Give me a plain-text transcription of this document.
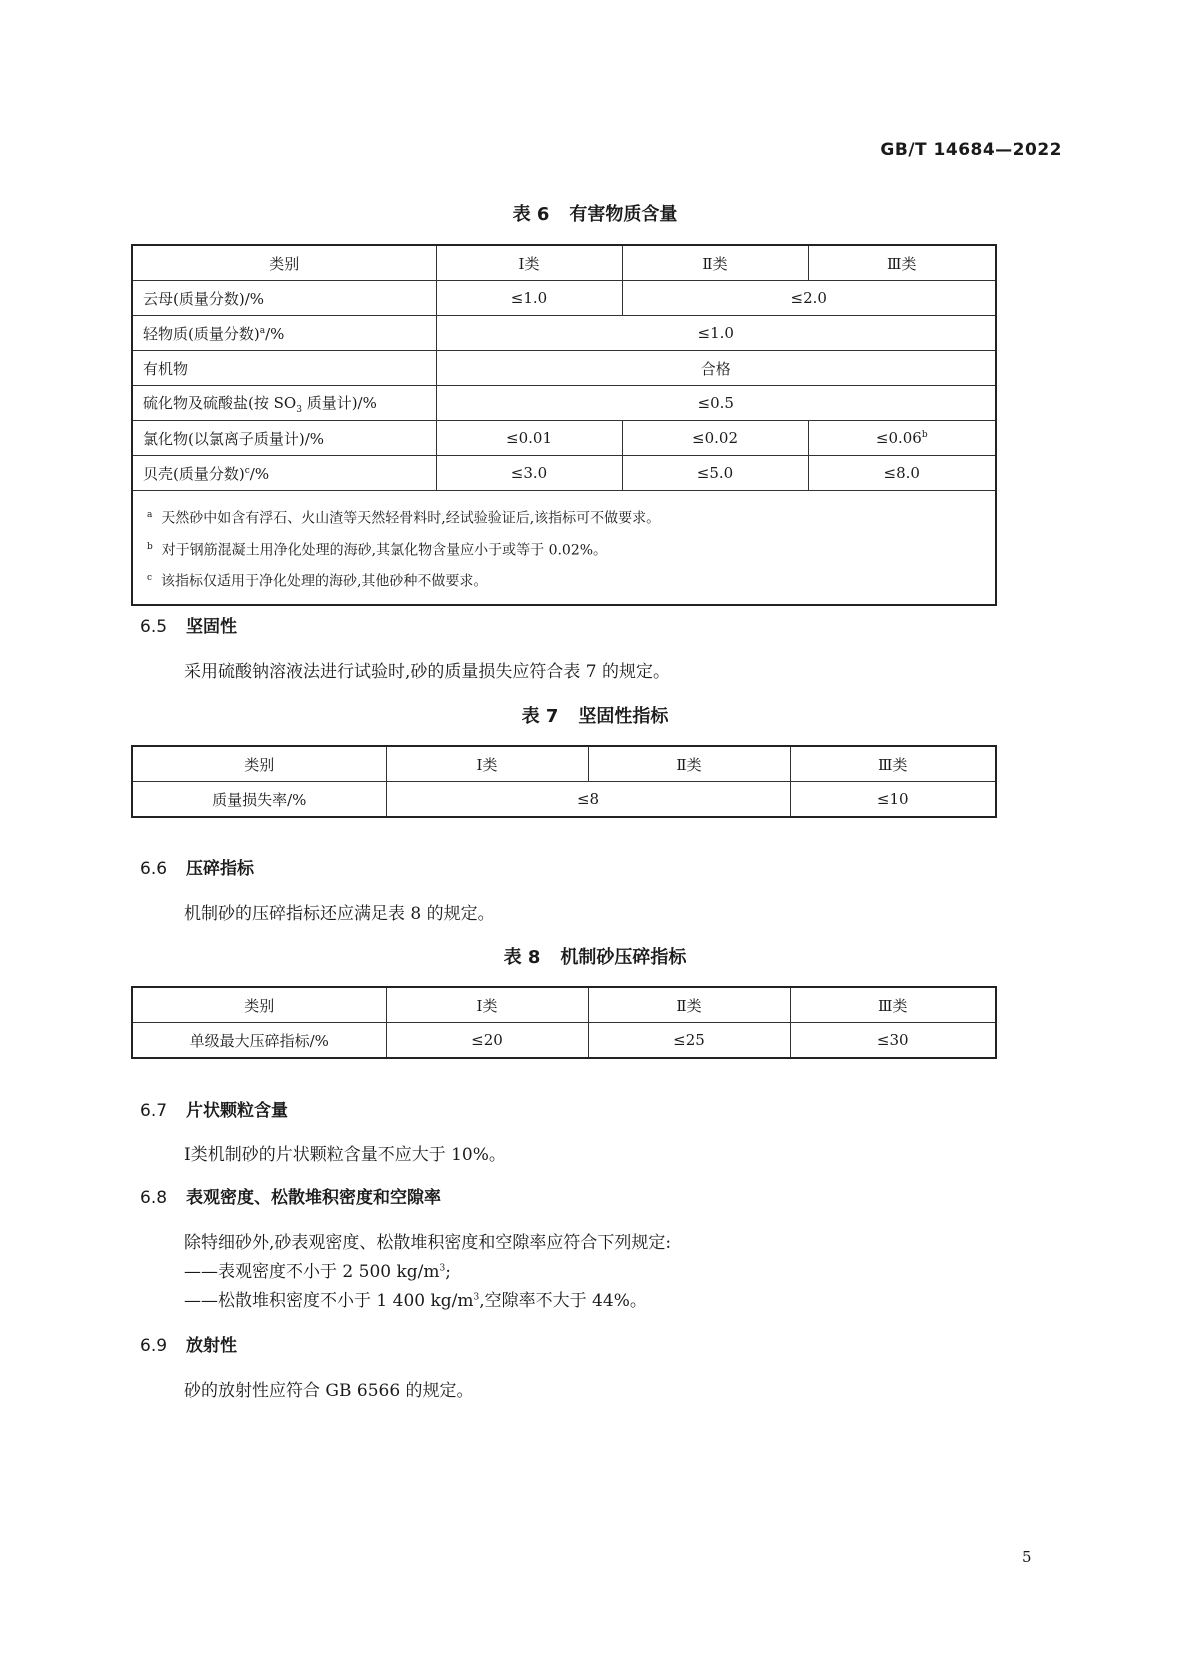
GB/T 14684—2022
表 6 有害物质含量
类别	Ⅰ类	Ⅱ类	Ⅲ类
云母(质量分数)/%	≤1.0	≤2.0	
轻物质(质量分数)$^a$/%	≤1.0		
有机物	合格		
硫化物及硫酸盐(按 $SO_3$ 质量计)/%	≤0.5		
氯化物(以氯离子质量计)/%	≤0.01	≤0.02	≤0.06$^b$
贝壳(质量分数)$^c$/%	≤3.0	≤5.0	≤8.0

$^a$ 天然砂中如含有浮石、火山渣等天然轻骨料时,经试验验证后,该指标可不做要求。
$^b$ 对于钢筋混凝土用净化处理的海砂,其氯化物含量应小于或等于 0.02%。
$^c$ 该指标仅适用于净化处理的海砂,其他砂种不做要求。			
6.5 坚固性
采用硫酸钠溶液法进行试验时,砂的质量损失应符合表 7 的规定。
表 7 坚固性指标
类别	Ⅰ类	Ⅱ类	Ⅲ类
质量损失率/%	≤8		≤10
6.6 压碎指标
机制砂的压碎指标还应满足表 8 的规定。
表 8 机制砂压碎指标
类别	Ⅰ类	Ⅱ类	Ⅲ类
单级最大压碎指标/%	≤20	≤25	≤30
6.7 片状颗粒含量
Ⅰ类机制砂的片状颗粒含量不应大于 10%。
6.8 表观密度、松散堆积密度和空隙率
除特细砂外,砂表观密度、松散堆积密度和空隙率应符合下列规定:
——表观密度不小于 2 500 $kg/m^3$;
——松散堆积密度不小于 1 400 $kg/m^3$,空隙率不大于 44%。
6.9 放射性
砂的放射性应符合 GB 6566 的规定。
5
